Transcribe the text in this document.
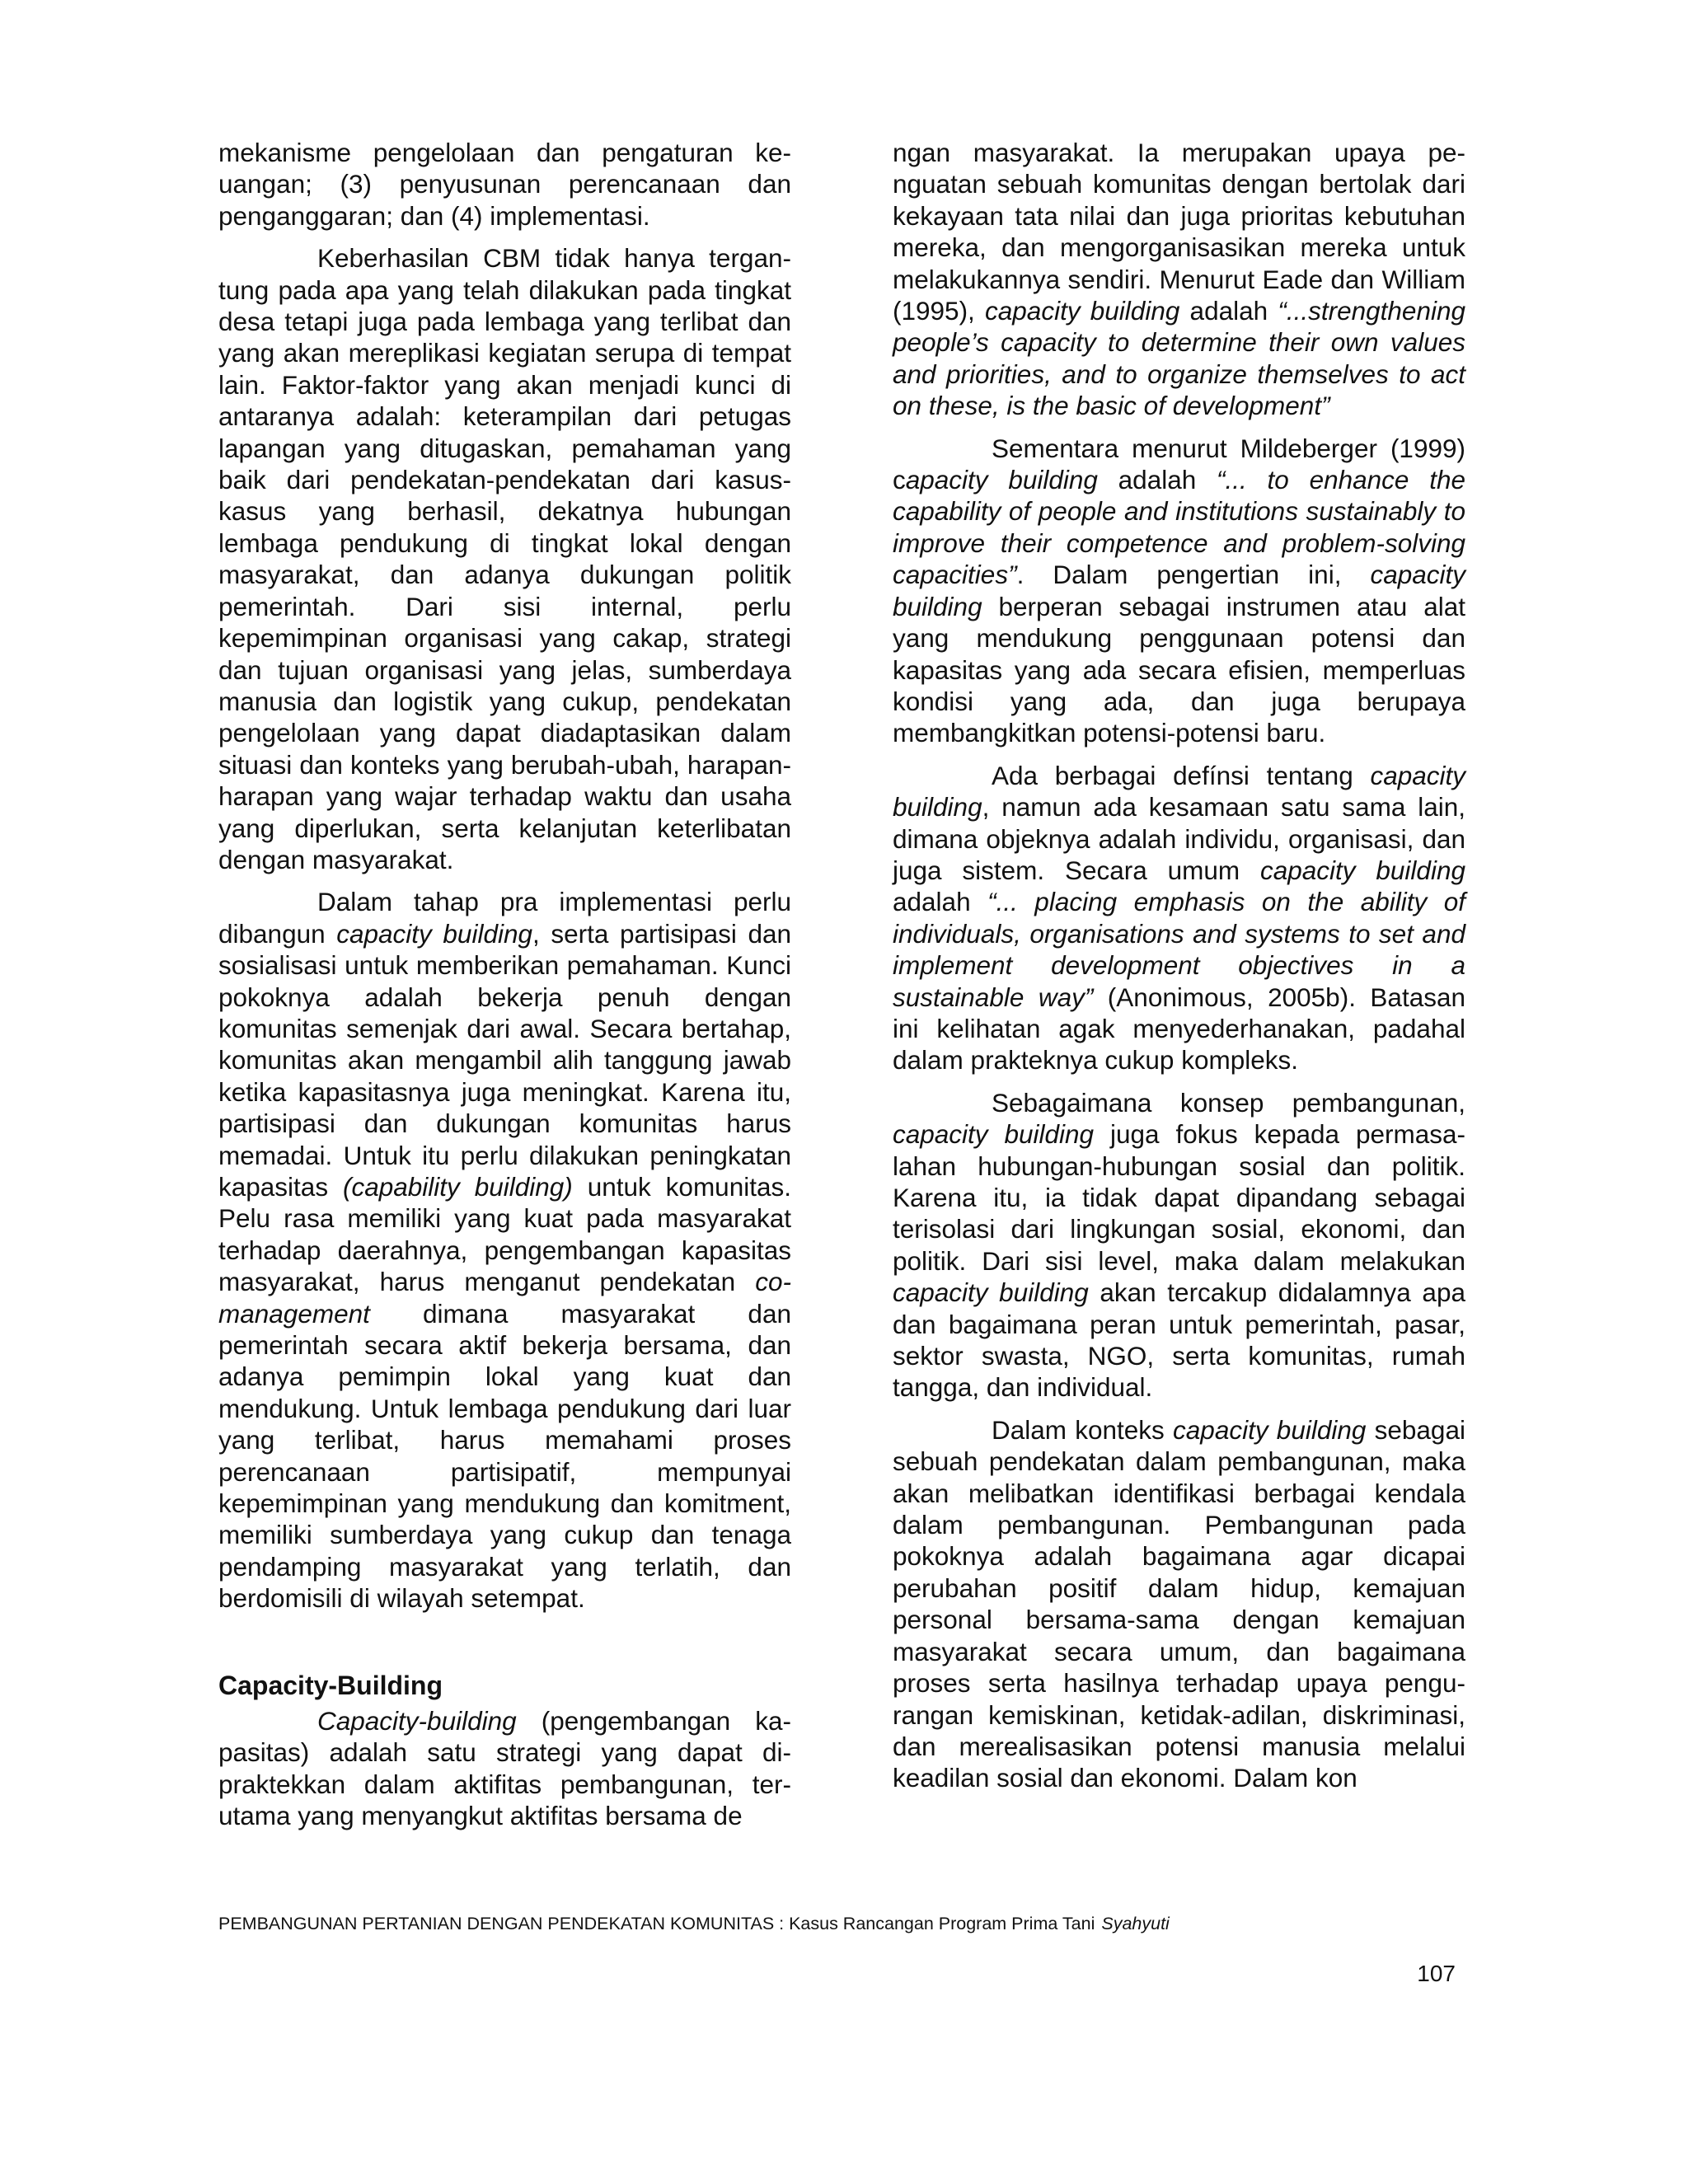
mekanisme pengelolaan dan pengaturan keuangan; (3) penyusunan perencanaan dan penganggaran; dan (4) implementasi.

Keberhasilan CBM tidak hanya tergantung pada apa yang telah dilakukan pada tingkat desa tetapi juga pada lembaga yang terlibat dan yang akan mereplikasi kegiatan serupa di tempat lain. Faktor-faktor yang akan menjadi kunci di antaranya adalah: keterampilan dari petugas lapangan yang ditugaskan, pemahaman yang baik dari pendekatan-pendekatan dari kasus-kasus yang berhasil, dekatnya hubungan lembaga pendukung di tingkat lokal dengan masyarakat, dan adanya dukungan politik pemerintah. Dari sisi internal, perlu kepemimpinan organisasi yang cakap, strategi dan tujuan organisasi yang jelas, sumberdaya manusia dan logistik yang cukup, pendekatan pengelolaan yang dapat diadaptasikan dalam situasi dan konteks yang berubah-ubah, harapan-harapan yang wajar terhadap waktu dan usaha yang diperlukan, serta kelanjutan keterlibatan dengan masyarakat.

Dalam tahap pra implementasi perlu dibangun capacity building, serta partisipasi dan sosialisasi untuk memberikan pemahaman. Kunci pokoknya adalah bekerja penuh dengan komunitas semenjak dari awal. Secara bertahap, komunitas akan mengambil alih tanggung jawab ketika kapasitasnya juga meningkat. Karena itu, partisipasi dan dukungan komunitas harus memadai. Untuk itu perlu dilakukan peningkatan kapasitas (capability building) untuk komunitas. Pelu rasa memiliki yang kuat pada masyarakat terhadap daerahnya, pengembangan kapasitas masyarakat, harus menganut pendekatan co-management dimana masyarakat dan pemerintah secara aktif bekerja bersama, dan adanya pemimpin lokal yang kuat dan mendukung. Untuk lembaga pendukung dari luar yang terlibat, harus memahami proses perencanaan partisipatif, mempunyai kepemimpinan yang mendukung dan komitment, memiliki sumberdaya yang cukup dan tenaga pendamping masyarakat yang terlatih, dan berdomisili di wilayah setempat.

Capacity-Building

Capacity-building (pengembangan kapasitas) adalah satu strategi yang dapat dipraktekkan dalam aktifitas pembangunan, terutama yang menyangkut aktifitas bersama de

ngan masyarakat. Ia merupakan upaya penguatan sebuah komunitas dengan bertolak dari kekayaan tata nilai dan juga prioritas kebutuhan mereka, dan mengorganisasikan mereka untuk melakukannya sendiri. Menurut Eade dan William (1995), capacity building adalah “...strengthening people’s capacity to determine their own values and priorities, and to organize themselves to act on these, is the basic of development”

Sementara menurut Mildeberger (1999) capacity building adalah “... to enhance the capability of people and institutions sustainably to improve their competence and problem-solving capacities”. Dalam pengertian ini, capacity building berperan sebagai instrumen atau alat yang mendukung penggunaan potensi dan kapasitas yang ada secara efisien, memperluas kondisi yang ada, dan juga berupaya membangkitkan potensi-potensi baru.

Ada berbagai defínsi tentang capacity building, namun ada kesamaan satu sama lain, dimana objeknya adalah individu, organisasi, dan juga sistem. Secara umum capacity building adalah “... placing emphasis on the ability of individuals, organisations and systems to set and implement development objectives in a sustainable way” (Anonimous, 2005b). Batasan ini kelihatan agak menyederhanakan, padahal dalam prakteknya cukup kompleks.

Sebagaimana konsep pembangunan, capacity building juga fokus kepada permasalahan hubungan-hubungan sosial dan politik. Karena itu, ia tidak dapat dipandang sebagai terisolasi dari lingkungan sosial, ekonomi, dan politik. Dari sisi level, maka dalam melakukan capacity building akan tercakup didalamnya apa dan bagaimana peran untuk pemerintah, pasar, sektor swasta, NGO, serta komunitas, rumah tangga, dan individual.

Dalam konteks capacity building sebagai sebuah pendekatan dalam pembangunan, maka akan melibatkan identifikasi berbagai kendala dalam pembangunan. Pembangunan pada pokoknya adalah bagaimana agar dicapai perubahan positif dalam hidup, kemajuan personal bersama-sama dengan kemajuan masyarakat secara umum, dan bagaimana proses serta hasilnya terhadap upaya pengurangan kemiskinan, ketidak-adilan, diskriminasi, dan merealisasikan potensi manusia melalui keadilan sosial dan ekonomi. Dalam kon

PEMBANGUNAN PERTANIAN DENGAN PENDEKATAN KOMUNITAS : Kasus Rancangan Program Prima Tani Syahyuti
107
